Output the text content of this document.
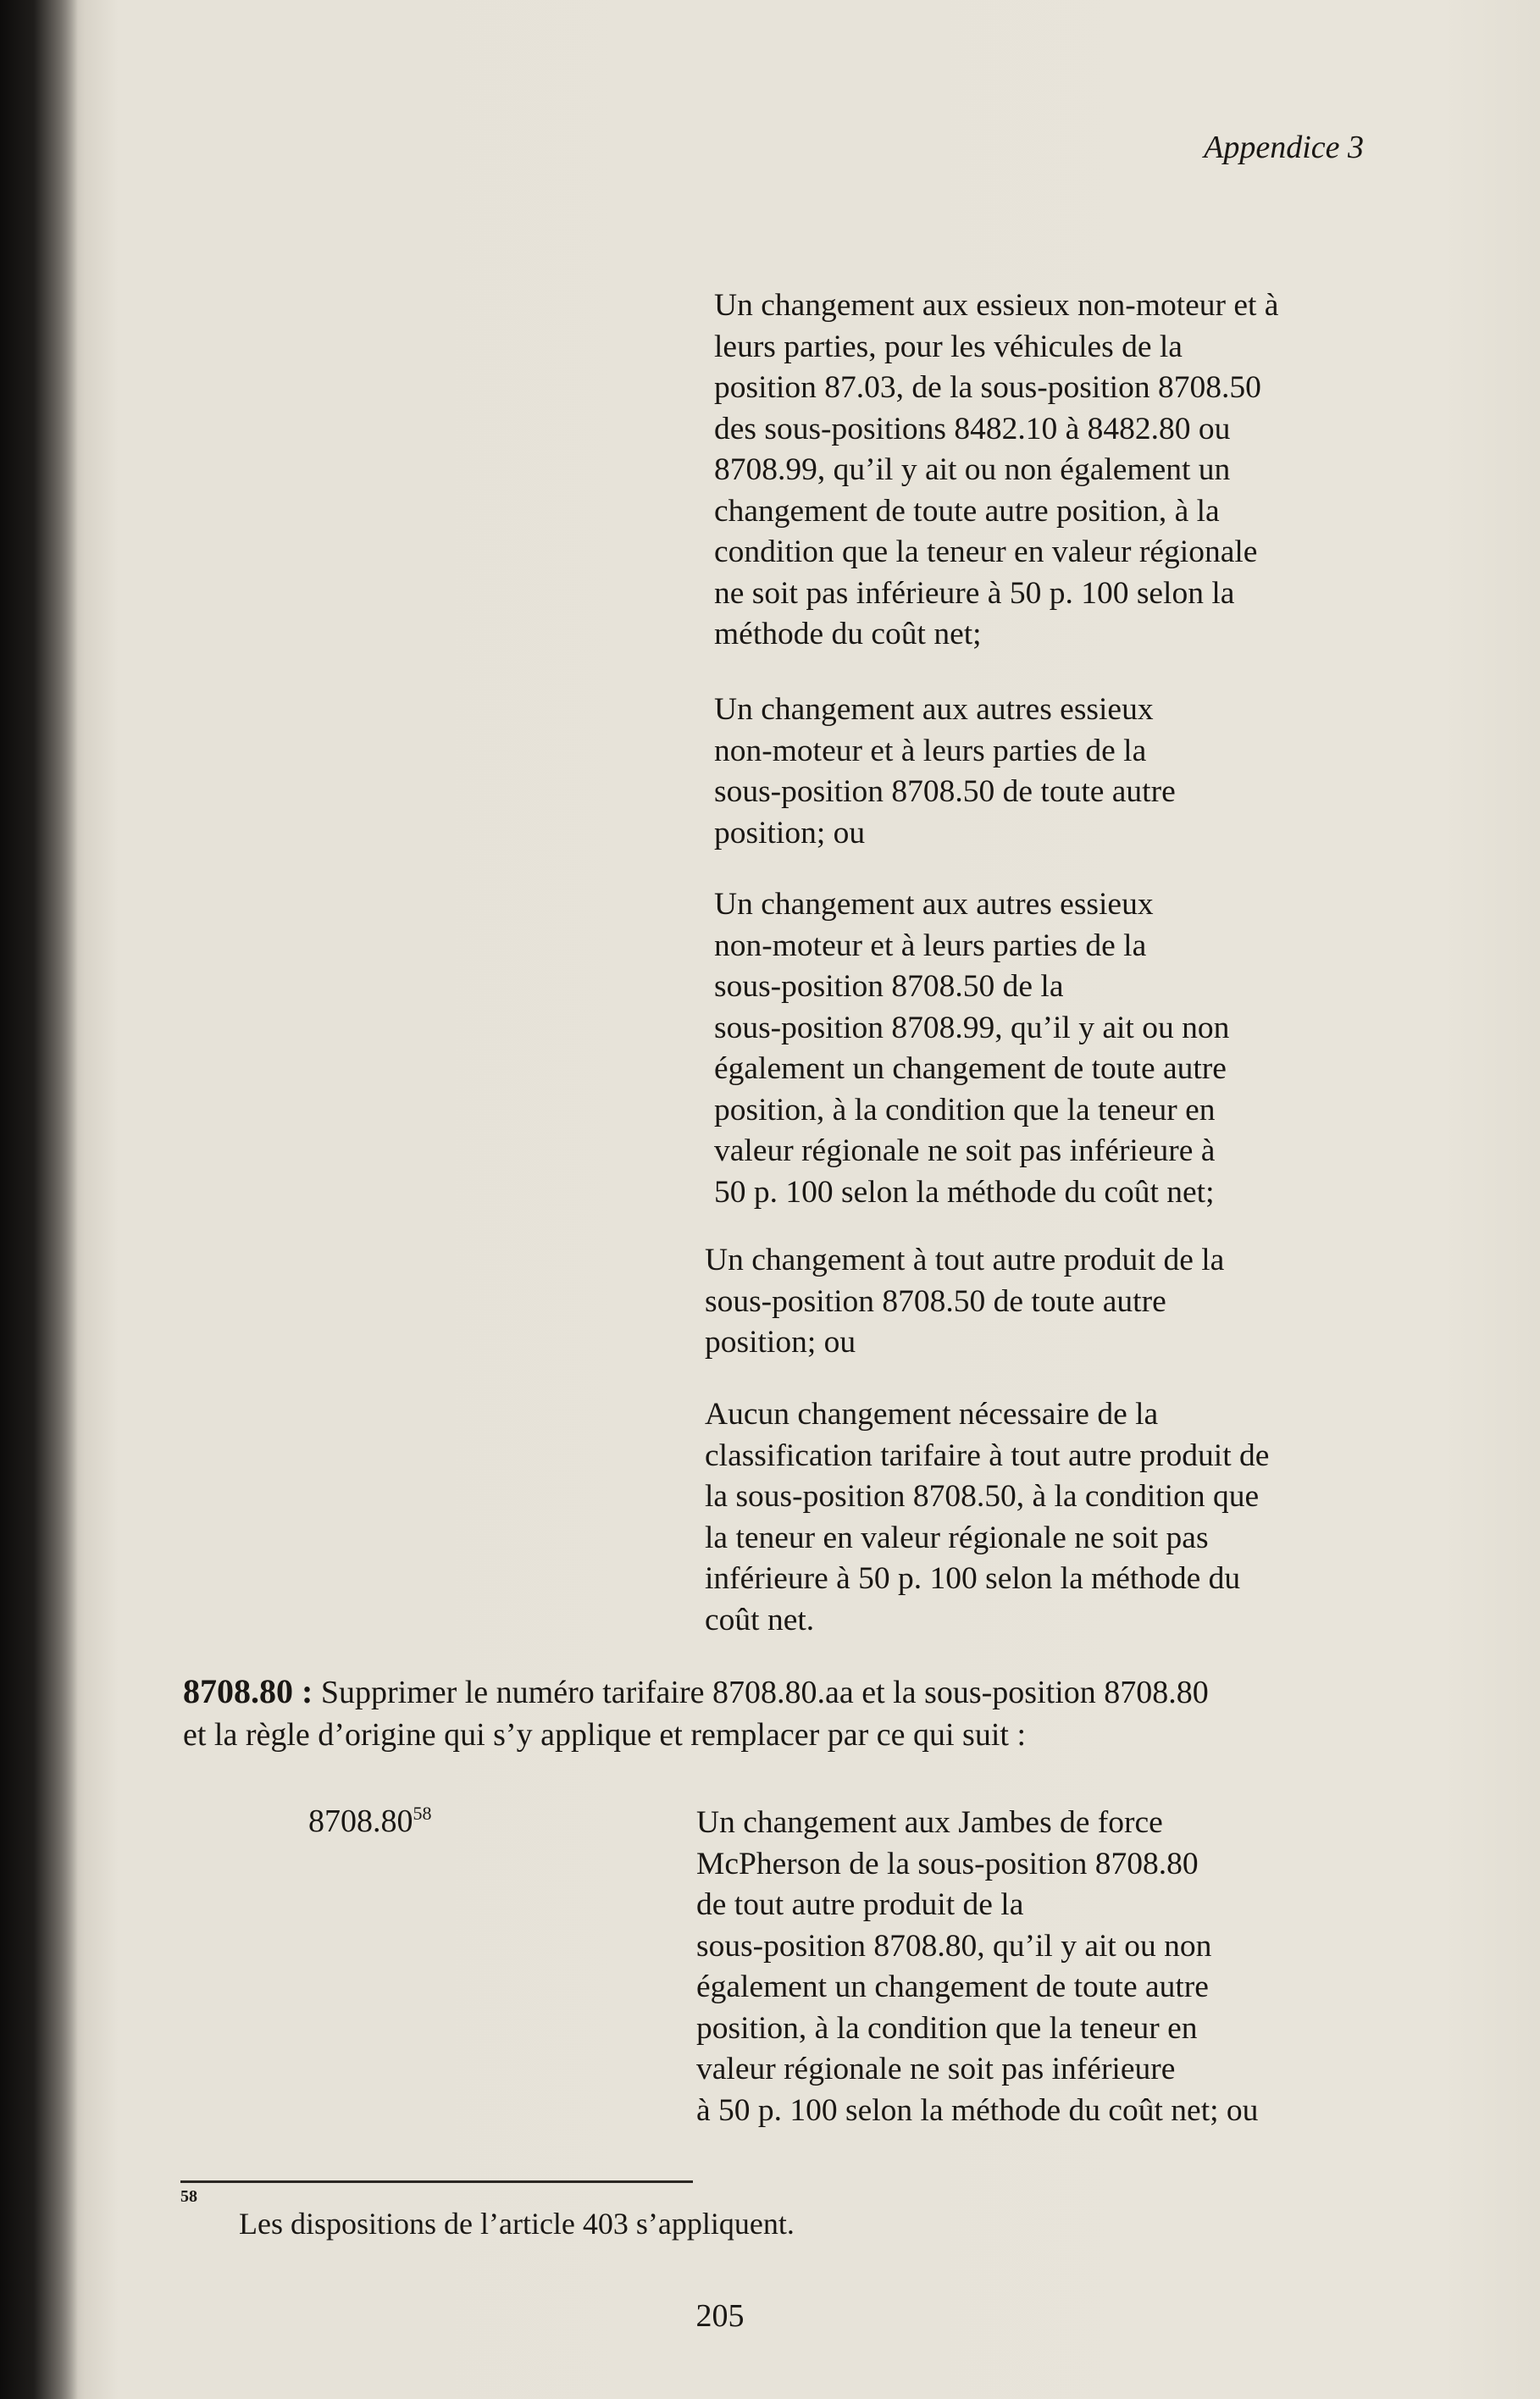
Appendice 3

Un changement aux essieux non-moteur et à

leurs parties, pour les véhicules de la

position 87.03, de la sous-position 8708.50

des sous-positions 8482.10 à 8482.80 ou

8708.99, qu’il y ait ou non également un

changement de toute autre position, à la

condition que la teneur en valeur régionale

ne soit pas inférieure à 50 p. 100 selon la

méthode du coût net;

Un changement aux autres essieux

non-moteur et à leurs parties de la

sous-position 8708.50 de toute autre

position; ou

Un changement aux autres essieux

non-moteur et à leurs parties de la

sous-position 8708.50 de la

sous-position 8708.99, qu’il y ait ou non

également un changement de toute autre

position, à la condition que la teneur en

valeur régionale ne soit pas inférieure à

50 p. 100 selon la méthode du coût net;

Un changement à tout autre produit de la

sous-position 8708.50 de toute autre

position; ou

Aucun changement nécessaire de la

classification tarifaire à tout autre produit de

la sous-position 8708.50, à la condition que

la teneur en valeur régionale ne soit pas

inférieure à 50 p. 100 selon la méthode du

coût net.

8708.80 : Supprimer le numéro tarifaire 8708.80.aa et la sous-position 8708.80

et la règle d’origine qui s’y applique et remplacer par ce qui suit :

8708.80$^{58}$	Un changement aux Jambes de force

McPherson de la sous-position 8708.80

de tout autre produit de la

sous-position 8708.80, qu’il y ait ou non

également un changement de toute autre

position, à la condition que la teneur en

valeur régionale ne soit pas inférieure

à 50 p. 100 selon la méthode du coût net; ou

58
Les dispositions de l’article 403 s’appliquent.
205
